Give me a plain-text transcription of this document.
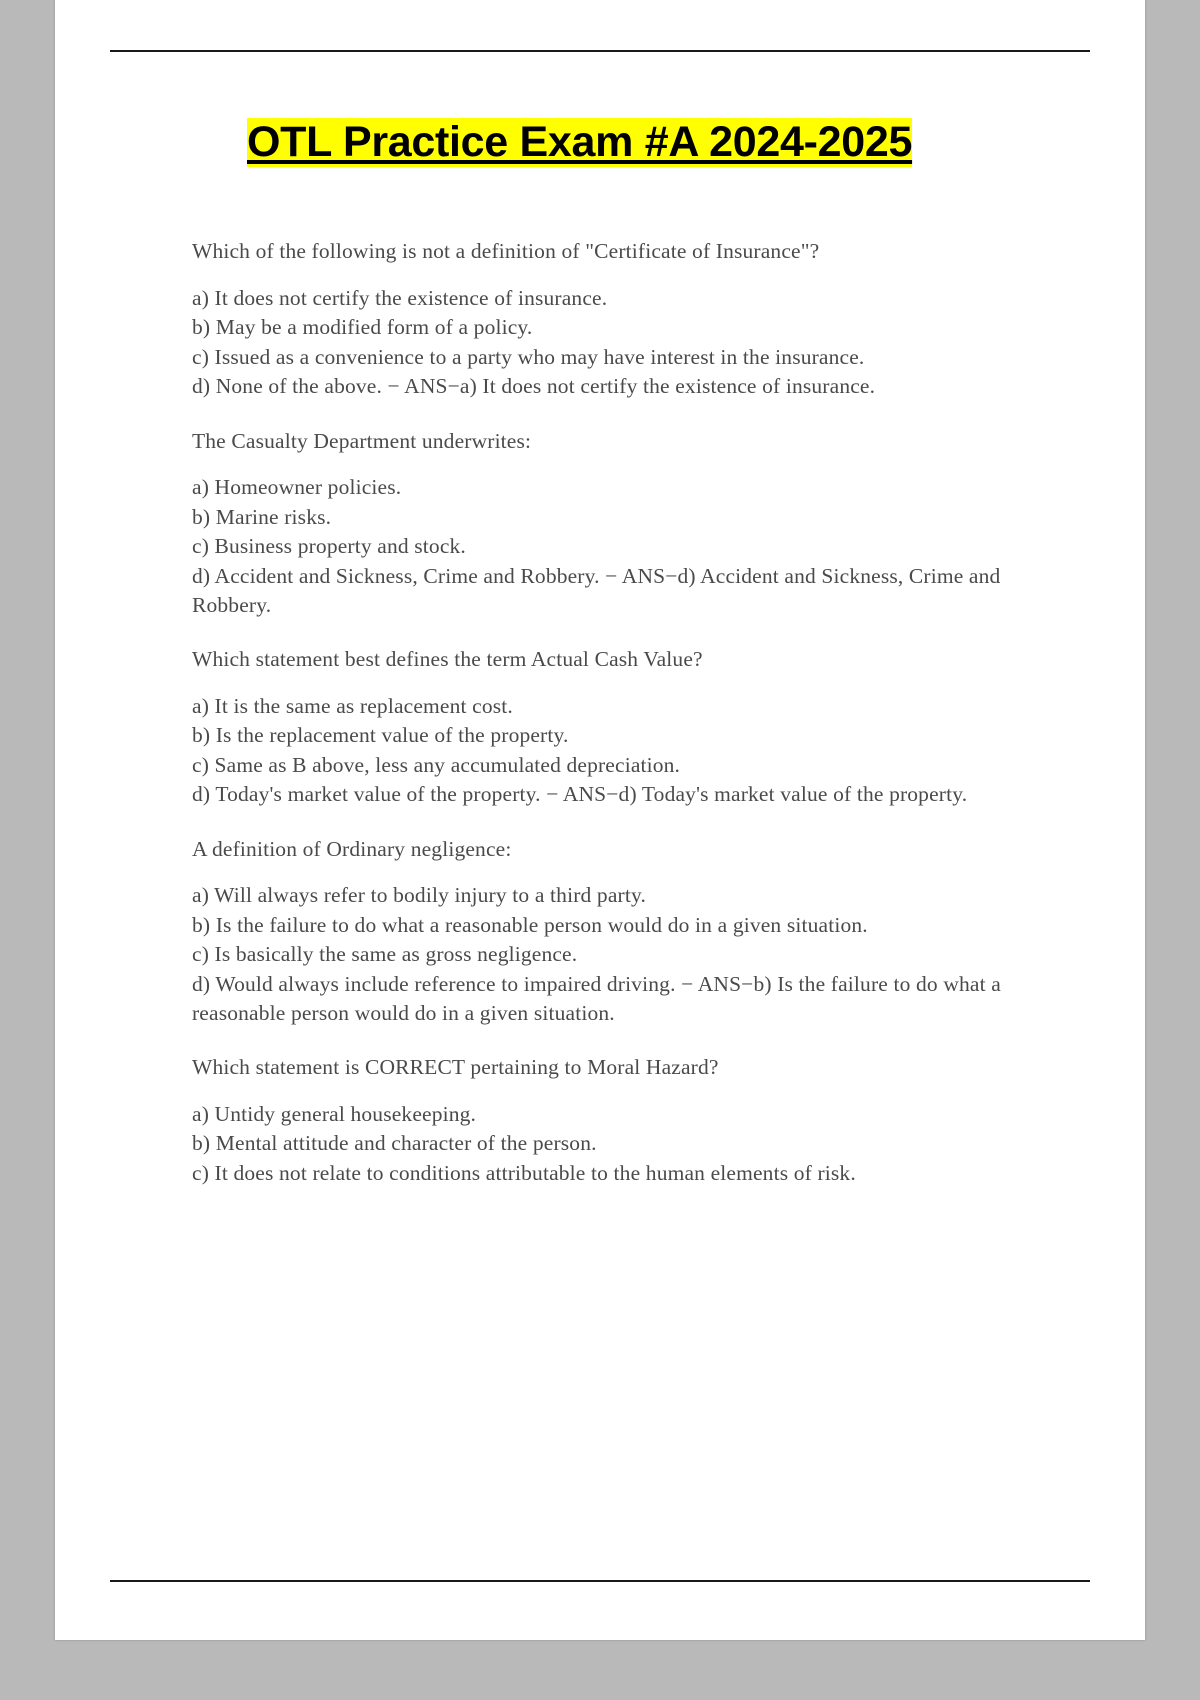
OTL Practice Exam #A 2024-2025

Which of the following is not a definition of "Certificate of Insurance"?

a) It does not certify the existence of insurance.

b) May be a modified form of a policy.

c) Issued as a convenience to a party who may have interest in the insurance.

d) None of the above. − ANS−a) It does not certify the existence of insurance.

The Casualty Department underwrites:

a) Homeowner policies.

b) Marine risks.

c) Business property and stock.

d) Accident and Sickness, Crime and Robbery. − ANS−d) Accident and Sickness, Crime and Robbery.

Which statement best defines the term Actual Cash Value?

a) It is the same as replacement cost.

b) Is the replacement value of the property.

c) Same as B above, less any accumulated depreciation.

d) Today's market value of the property. − ANS−d) Today's market value of the property.

A definition of Ordinary negligence:

a) Will always refer to bodily injury to a third party.

b) Is the failure to do what a reasonable person would do in a given situation.

c) Is basically the same as gross negligence.

d) Would always include reference to impaired driving. − ANS−b) Is the failure to do what a reasonable person would do in a given situation.

Which statement is CORRECT pertaining to Moral Hazard?

a) Untidy general housekeeping.

b) Mental attitude and character of the person.

c) It does not relate to conditions attributable to the human elements of risk.
